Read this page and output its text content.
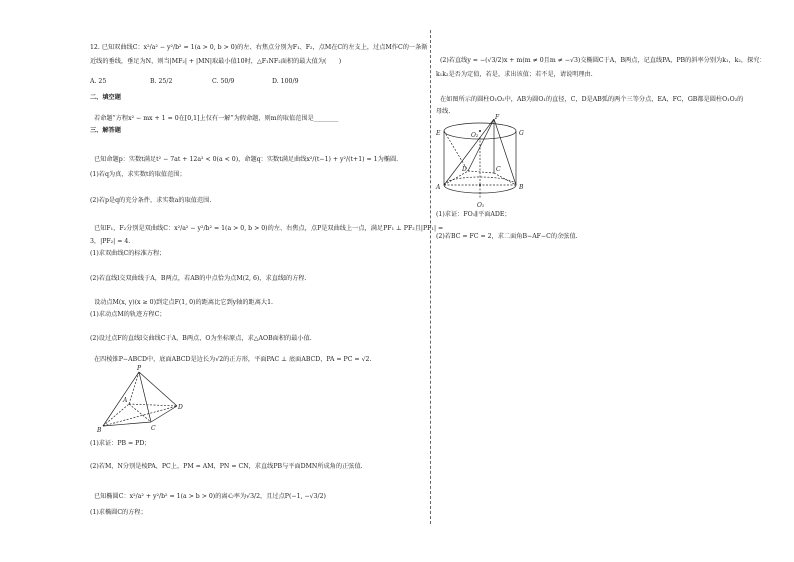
12. 已知双曲线C：x²/a² − y²/b² = 1(a > 0, b > 0)的左、右焦点分别为F₁、F₂，点M在C的左支上，过点M作C的一条渐
近线的垂线，垂足为N，则当|MF₂| + |MN|取最小值10时，△F₁NF₂面积的最大值为(　　)
A. 25	B. 25/2	C. 50/9	D. 100/9
二、填空题
若命题“方程x² − mx + 1 = 0在[0,1]上仅有一解”为假命题，则m的取值范围是________
三、解答题
已知命题p：实数t满足t² − 7at + 12a² < 0(a < 0)，命题q：实数t满足曲线x²/(t−1) + y²/(t+1) = 1为椭圆.
(1)若q为真，求实数t的取值范围；
(2)若p是q的充分条件，求实数a的取值范围.
已知F₁，F₂分别是双曲线C：x²/a² − y²/b² = 1(a > 0, b > 0)的左、右焦点，点P是双曲线上一点，满足PF₁ ⊥ PF₂且|PF₁| =
3，|PF₂| = 4.
(1)求双曲线C的标准方程；
(2)若直线l交双曲线于A，B两点，若AB的中点恰为点M(2, 6)，求直线l的方程.
设动点M(x, y)(x ≥ 0)到定点F(1, 0)的距离比它到y轴的距离大1.
(1)求动点M的轨迹方程C；
(2)设过点F的直线l交曲线C于A，B两点，O为坐标原点，求△AOB面积的最小值.
在四棱锥P−ABCD中，底面ABCD是边长为√2的正方形，平面PAC ⊥ 底面ABCD，PA = PC = √2.
P
A
B	C
D
(1)求证：PB = PD；
(2)若M，N分别是棱PA，PC上，PM = AM，PN = CN，求直线PB与平面DMN所成角的正弦值.
已知椭圆C：x²/a² + y²/b² = 1(a > b > 0)的离心率为√3/2，且过点P(−1, −√3/2)
(1)求椭圆C的方程；
(2)若直线y = −(√3/2)x + m(m ≠ 0且m ≠ −√3)交椭圆C于A，B两点，记直线PA，PB的斜率分别为k₁，k₂，探究：
k₁k₂是否为定值，若是，求出该值；若不是，请说明理由.
在如图所示的圆柱O₁O₂中，AB为圆O₁的直径，C，D是AB弧的两个三等分点，EA，FC，GB都是圆柱O₁O₂的
母线.
E
F
G
O₂
A	B
C
D
O₁
(1)求证：FO₁∥平面ADE；
(2)若BC = FC = 2，求二面角B−AF−C的余弦值.
